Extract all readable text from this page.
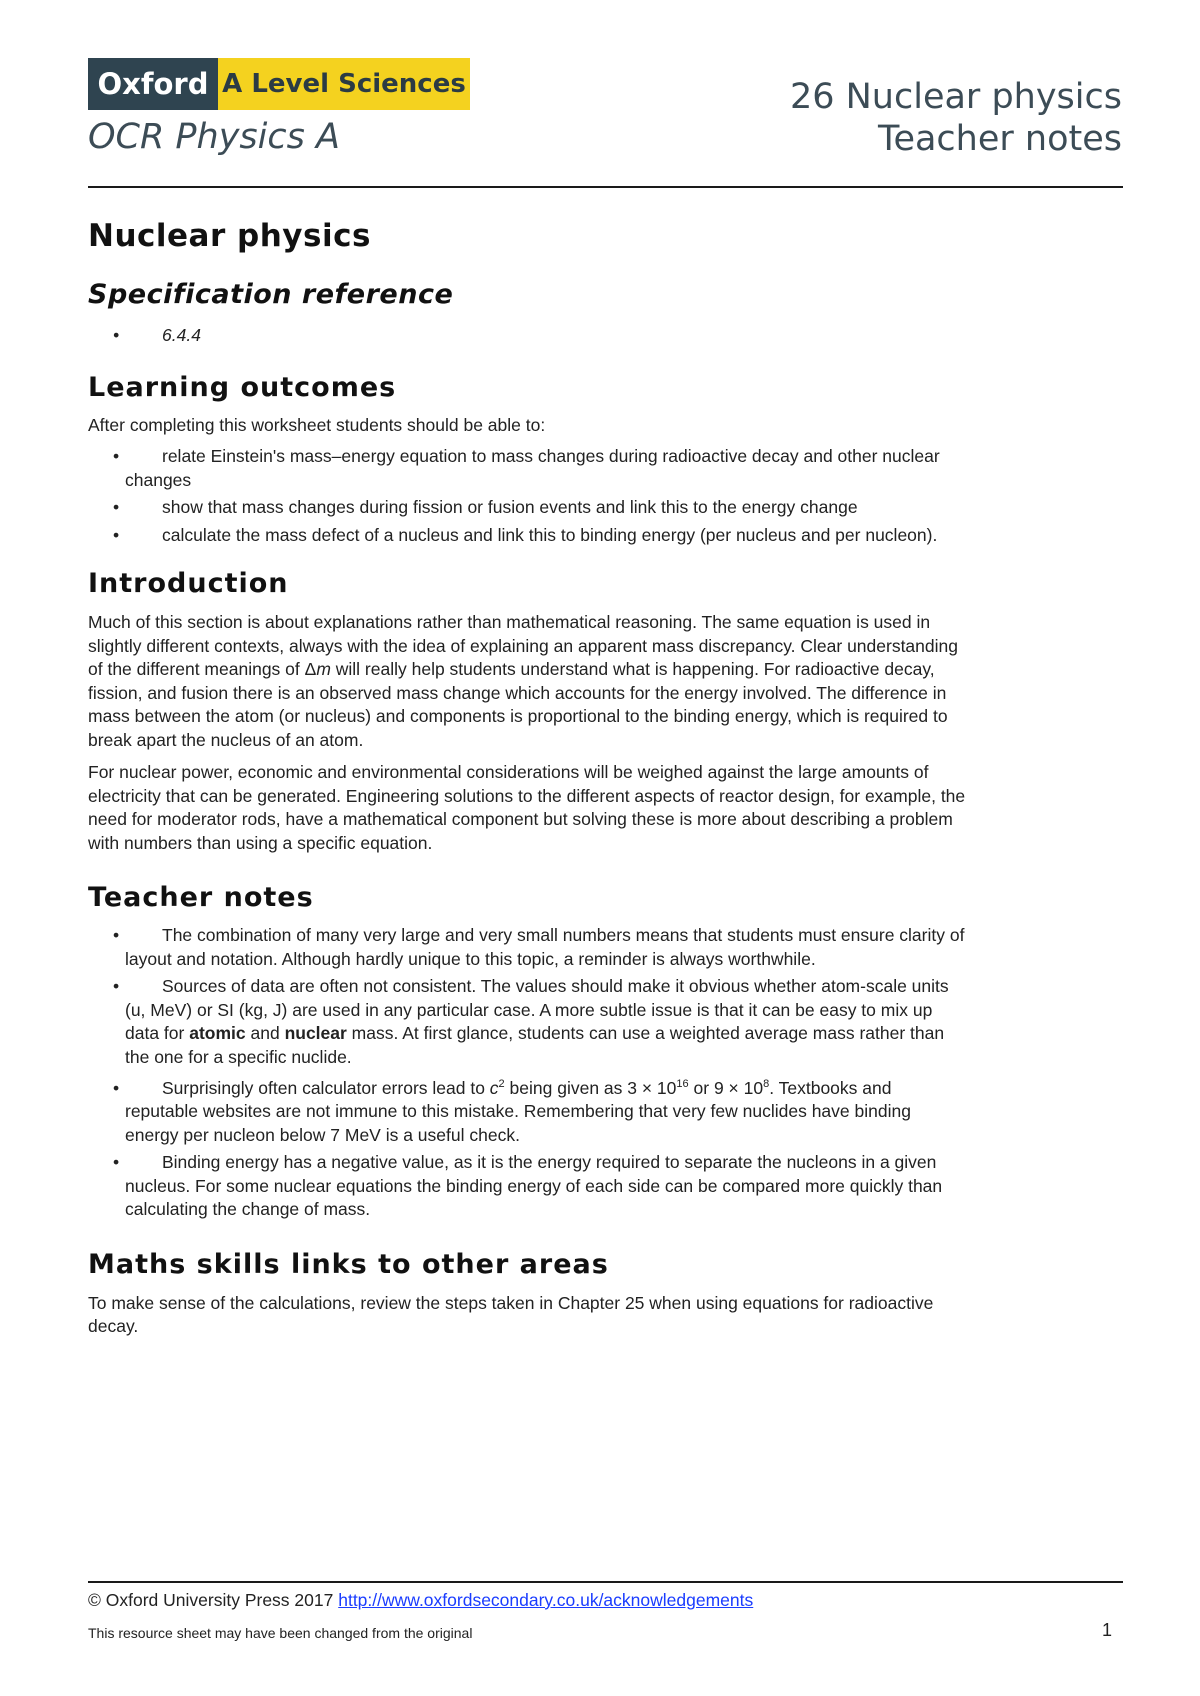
Oxford A Level Sciences
OCR Physics A
26 Nuclear physics
Teacher notes
Nuclear physics
Specification reference
• 6.4.4
Learning outcomes

After completing this worksheet students should be able to:

• relate Einstein's mass–energy equation to mass changes during radioactive decay and other nuclear changes
• show that mass changes during fission or fusion events and link this to the energy change
• calculate the mass defect of a nucleus and link this to binding energy (per nucleus and per nucleon).
Introduction

Much of this section is about explanations rather than mathematical reasoning. The same equation is used in slightly different contexts, always with the idea of explaining an apparent mass discrepancy. Clear understanding of the different meanings of Δm will really help students understand what is happening. For radioactive decay, fission, and fusion there is an observed mass change which accounts for the energy involved. The difference in mass between the atom (or nucleus) and components is proportional to the binding energy, which is required to break apart the nucleus of an atom.

For nuclear power, economic and environmental considerations will be weighed against the large amounts of electricity that can be generated. Engineering solutions to the different aspects of reactor design, for example, the need for moderator rods, have a mathematical component but solving these is more about describing a problem with numbers than using a specific equation.

Teacher notes
• The combination of many very large and very small numbers means that students must ensure clarity of layout and notation. Although hardly unique to this topic, a reminder is always worthwhile.
• Sources of data are often not consistent. The values should make it obvious whether atom-scale units (u, MeV) or SI (kg, J) are used in any particular case. A more subtle issue is that it can be easy to mix up data for atomic and nuclear mass. At first glance, students can use a weighted average mass rather than the one for a specific nuclide.
• Surprisingly often calculator errors lead to $c^2$ being given as $3 \times 10^{16}$ or $9 \times 10^8$. Textbooks and reputable websites are not immune to this mistake. Remembering that very few nuclides have binding energy per nucleon below 7 MeV is a useful check.
• Binding energy has a negative value, as it is the energy required to separate the nucleons in a given nucleus. For some nuclear equations the binding energy of each side can be compared more quickly than calculating the change of mass.
Maths skills links to other areas

To make sense of the calculations, review the steps taken in Chapter 25 when using equations for radioactive decay.

© Oxford University Press 2017 http://www.oxfordsecondary.co.uk/acknowledgements
This resource sheet may have been changed from the original	1
